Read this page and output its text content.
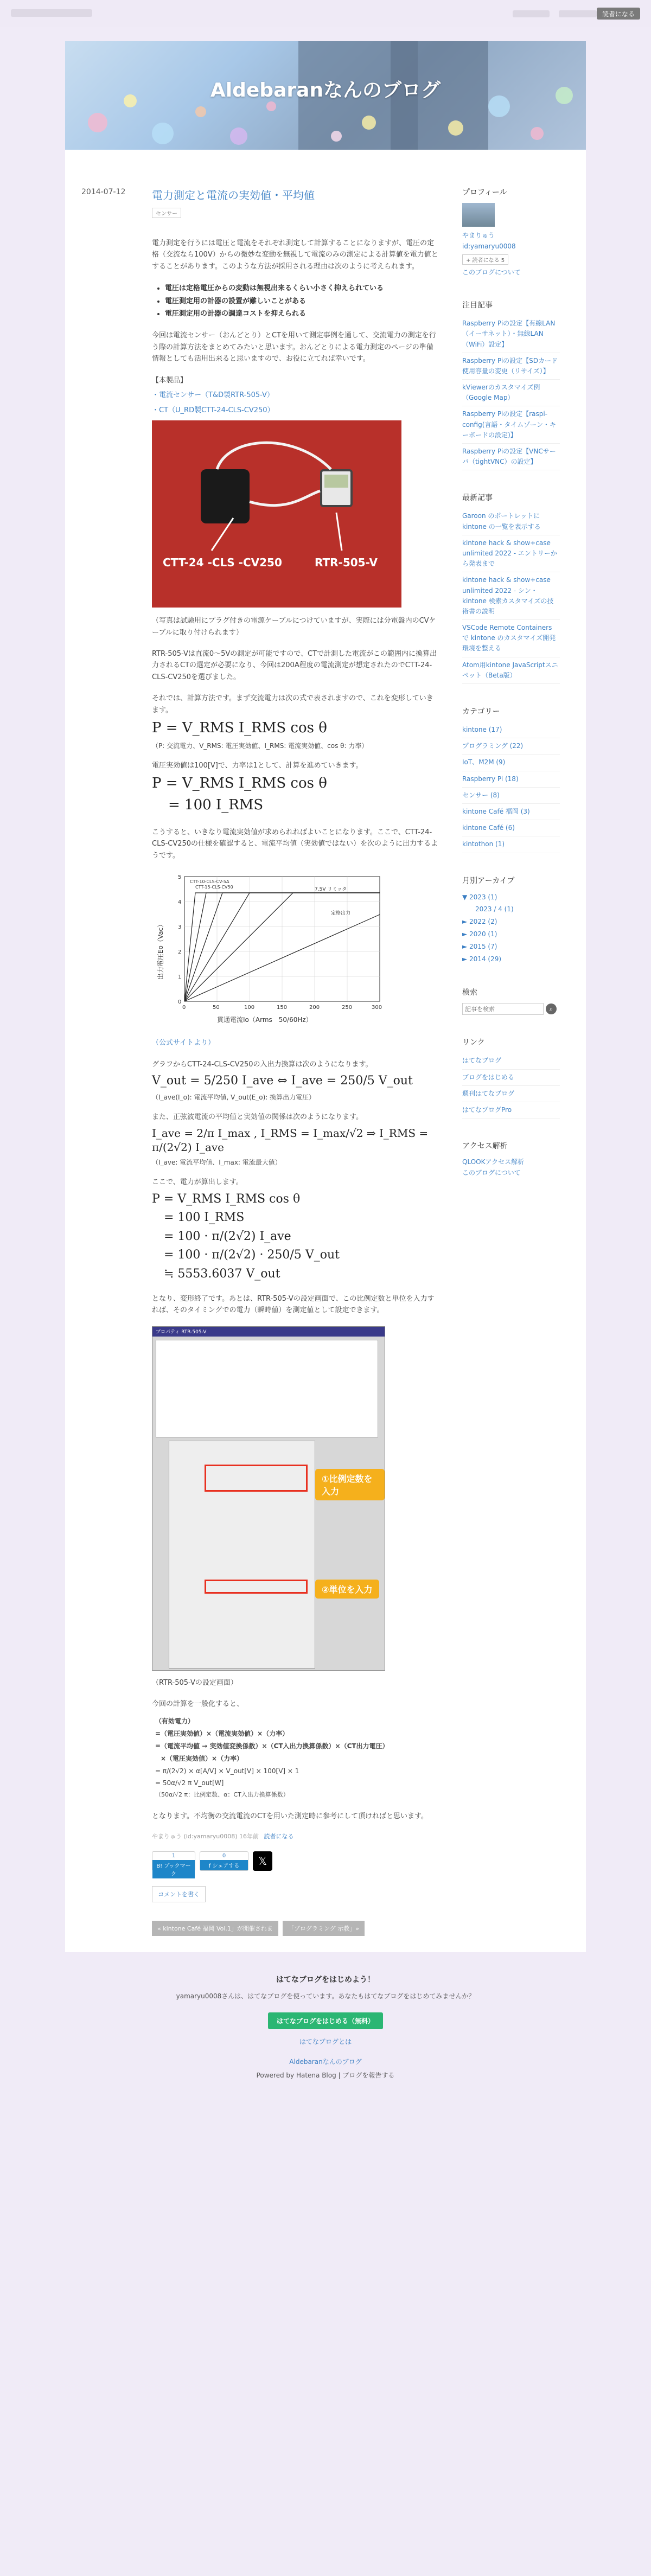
読者になる
Aldebaranなんのブログ
2014-07-12	電力測定と電流の実効値・平均値
センサー

電力測定を行うには電圧と電流をそれぞれ測定して計算することになりますが、電圧の定格（交流なら100V）からの微妙な変動を無視して電流のみの測定による計算値を電力値とすることがあります。このような方法が採用される理由は次のように考えられます。

• 電圧は定格電圧からの変動は無視出来るくらい小さく抑えられている
• 電圧測定用の計器の設置が難しいことがある
• 電圧測定用の計器の調達コストを抑えられる

今回は電流センサー（おんどとり）とCTを用いて測定事例を通して、交流電力の測定を行う際の計算方法をまとめてみたいと思います。おんどとりによる電力測定のページの準備情報としても活用出来ると思いますので、お役に立てれば幸いです。

【本製品】

・電流センサー（T&D製RTR-505-V）

・CT（U_RD製CTT-24-CLS-CV250）

CTT-24 -CLS -CV250	RTR-505-V

（写真は試験用にプラグ付きの電源ケーブルにつけていますが、実際には分電盤内のCVケーブルに取り付けられます）

RTR-505-Vは直流0～5Vの測定が可能ですので、CTで計測した電流がこの範囲内に換算出力されるCTの選定が必要になり、今回は200A程度の電流測定が想定されたのでCTT-24-CLS-CV250を選びました。

それでは、計算方法です。まず交流電力は次の式で表されますので、これを変形していきます。

P = V_RMS I_RMS cos θ

（P: 交流電力、V_RMS: 電圧実効値、I_RMS: 電流実効値、cos θ: 力率）

電圧実効値は100[V]で、力率は1として、計算を進めていきます。

P = V_RMS I_RMS cos θ
= 100 I_RMS

こうすると、いきなり電流実効値が求められればよいことになります。ここで、CTT-24-CLS-CV250の仕様を確認すると、電流平均値（実効値ではない）を次のように出力するようです。

CTT-10-CLS-CV-5A
CTT-15-CLS-CV50	7.5V リミッタ
定格出力
0	50	100	150	200	250	300
0
1
2
3
4
5
貫通電流Io（Arms　50/60Hz）
出力電圧Eo（Vac）

（公式サイトより）

グラフからCTT-24-CLS-CV250の入出力換算は次のようになります。

V_out = 5/250 I_ave ⇔ I_ave = 250/5 V_out

（I_ave(I_o): 電流平均値, V_out(E_o): 換算出力電圧）

また、正弦波電流の平均値と実効値の関係は次のようになります。

I_ave = 2/π I_max , I_RMS = I_max/√2 ⇒ I_RMS = π/(2√2) I_ave

（I_ave: 電流平均値、I_max: 電流最大値）

ここで、電力が算出します。

P = V_RMS I_RMS cos θ
= 100 I_RMS
= 100 · π/(2√2) I_ave
= 100 · π/(2√2) · 250/5 V_out
≒ 5553.6037 V_out

となり、変形終了です。あとは、RTR-505-Vの設定画面で、この比例定数と単位を入力すれば、そのタイミングでの電力（瞬時値）を測定値として設定できます。

プロパティ RTR-505-V
①比例定数を入力
②単位を入力

（RTR-505-Vの設定画面）

今回の計算を一般化すると、

（有効電力）
=（電圧実効値）×（電流実効値）×（力率）
=（電流平均値 → 実効値変換係数）×（CT入出力換算係数）×（CT出力電圧）
×（電圧実効値）×（力率）
= π/(2√2) × α[A/V] × V_out[V] × 100[V] × 1
= 50α/√2 π V_out[W]
（50α/√2 π：比例定数、α：CT入出力換算係数）

となります。不均衡の交流電流のCTを用いた測定時に参考にして頂ければと思います。

やまりゅう (id:yamaryu0008) 16年前 読者になる
1
B! ブックマーク
0
f シェアする	𝕏
コメントを書く
« kintone Café 福岡 Vol.1」が開催されま	「ブログラミング 示教」»
プロフィール
やまりゅう
id:yamaryu0008
+ 読者になる 5
このブログについて
注目記事
Raspberry Piの設定【有線LAN（イーサネット）・無線LAN（WiFi）設定】
Raspberry Piの設定【SDカード使用容量の変更（リサイズ）】
kViewerのカスタマイズ例（Google Map）
Raspberry Piの設定【raspi-config(言語・タイムゾーン・キーボードの設定)】
Raspberry Piの設定【VNCサーバ（tightVNC）の設定】
最新記事
Garoon のポートレットに kintone の一覧を表示する
kintone hack & show+case unlimited 2022 - エントリーから発表まで
kintone hack & show+case unlimited 2022 - シン・kintone 検索カスタマイズの技術書の説明
VSCode Remote Containers で kintone のカスタマイズ開発環境を整える
Atom用kintone JavaScriptスニペット（Beta版）
カテゴリー
kintone (17)
プログラミング (22)
IoT、M2M (9)
Raspberry Pi (18)
センサー (8)
kintone Café 福岡 (3)
kintone Café (6)
kintothon (1)
月別アーカイブ
▼ 2023 (1)
2023 / 4 (1)
► 2022 (2)
► 2020 (1)
► 2015 (7)
► 2014 (29)
検索
記事を検索
⌕
リンク
はてなブログ
ブログをはじめる
週刊はてなブログ
はてなブログPro
アクセス解析
QLOOKアクセス解析
このブログについて
はてなブログをはじめよう！
yamaryu0008さんは、はてなブログを使っています。あなたもはてなブログをはじめてみませんか？
はてなブログをはじめる（無料）
はてなブログとは
Aldebaranなんのブログ
Powered by Hatena Blog | ブログを報告する
